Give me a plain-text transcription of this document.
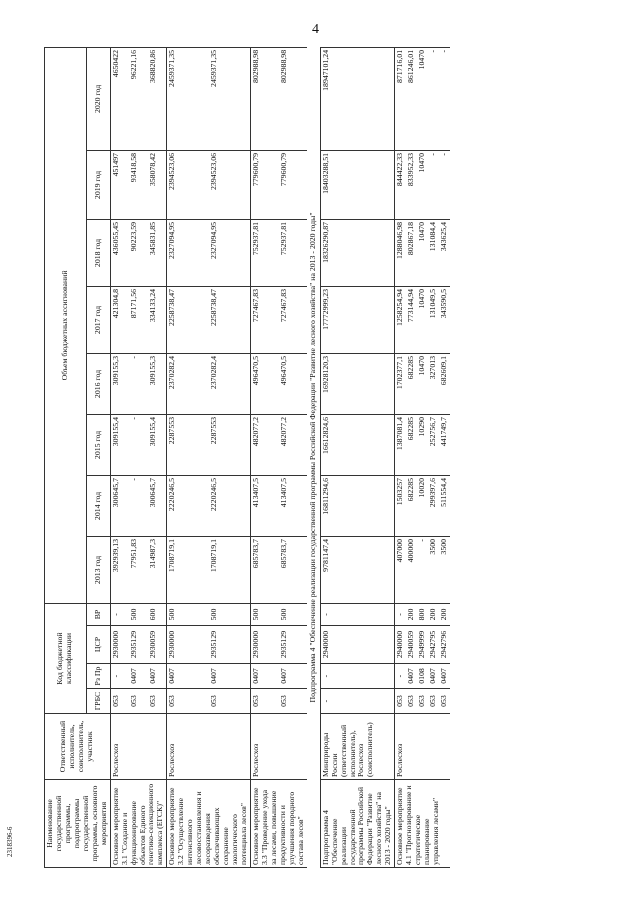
4
Наименование государственной программы, подпрограммы государственной программы, основного мероприятия	Ответственный исполнитель, соисполнитель, участник	Код бюджетной классификации				Объем бюджетных ассигнований							
		ГРБС	Рз Пр	ЦСР	ВР	2013 год	2014 год	2015 год	2016 год	2017 год	2018 год	2019 год	2020 год
Основное мероприятие 3.1 "Создание и функционирование объектов Единого генетико-селекционного комплекса (ЕГСК)"	Рослесхоз	053	-	2930000	-	392939,13	300645,7	309155,4	309155,3	421304,8	436055,45	451497	4650422
		053	0407	2935129	500	77951,83	-	-	-	87171,56	90223,59	93418,58	96221,16
		053	0407	2930059	600	314987,3	300645,7	309155,4	309155,3	334133,24	345831,85	358078,42	368820,86
Основное мероприятие 3.2 "Осуществление интенсивного лесовосстановления и лесоразведения обеспечивающих сохранение экологического потенциала лесов"	Рослесхоз	053	0407	2930000	500	1708719,1	2220246,5	2287553	2370282,4	2258738,47	2327094,95	2394523,06	2459371,35
		053	0407	2935129	500	1708719,1	2220246,5	2287553	2370282,4	2258738,47	2327094,95	2394523,06	2459371,35
Основное мероприятие 3.3 "Проведение ухода за лесами, повышение продуктивности и улучшения породного состава лесов"	Рослесхоз	053	0407	2930000	500	685783,7	413407,5	482077,2	496470,5	727467,83	752937,81	779600,79	802988,98
		053	0407	2935129	500	685783,7	413407,5	482077,2	496470,5	727467,83	752937,81	779600,79	802988,98
Подпрограмма 4 "Обеспечение реализации государственной программы Российской Федерации "Развитие лесного хозяйства" на 2013 - 2020 годы"													
Подпрограмма 4 "Обеспечение реализации государственной программы Российской Федерации "Развитие лесного хозяйства" на 2013 - 2020 годы"	Минприроды России (ответственный исполнитель), Рослесхоз (соисполнитель)	-	-	2940000	-	9781147,4	16811294,6	16612824,6	16928120,3	17772999,23	18326290,87	18403288,51	18947101,24
Основное мероприятие 4.1 "Прогнозирование и стратегическое планирование управления лесами"	Рослесхоз	053	-	2940000	-	407000	1503257	1387081,4	1702377,1	1258254,94	1288046,98	844422,33	871716,01
		053	0407	2940059	200	400000	682285	682285	682285	773144,94	802867,18	833952,33	861246,01
		053	0108	2949999	800	-	10020	10290	10470	10470	10470	10470	10470
		053	0407	2942795	200	3500	299397,6	252756,7	327013	131049,5	131084,4	-	-
		053	0407	2942796	200	3500	511554,4	441749,7	682609,1	343590,5	343625,4	-	-
2318396-6
